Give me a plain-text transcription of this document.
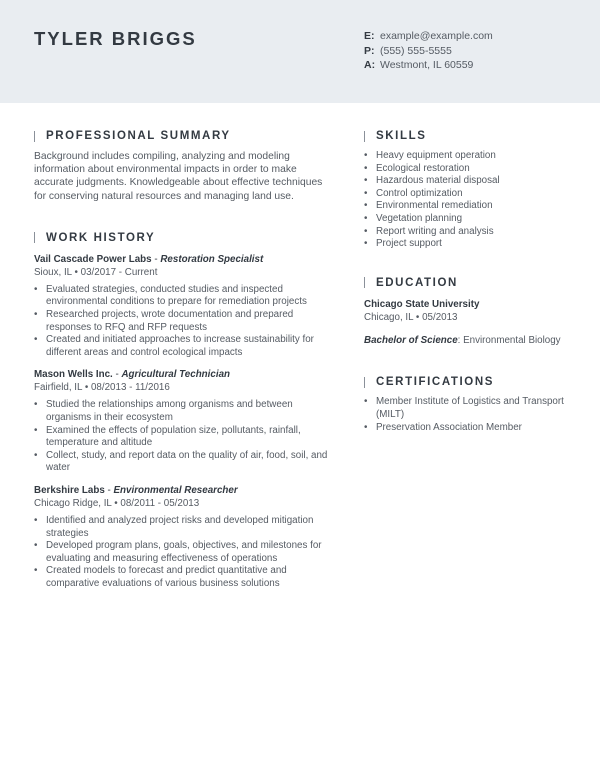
TYLER BRIGGS	E: example@example.com
P: (555) 555-5555
A: Westmont, IL 60559
PROFESSIONAL SUMMARY

Background includes compiling, analyzing and modeling information about environmental impacts in order to make accurate judgments. Knowledgeable about effective techniques for conserving natural resources and managing land use.

WORK HISTORY
Vail Cascade Power Labs - Restoration Specialist
Sioux, IL • 03/2017 - Current
• Evaluated strategies, conducted studies and inspected environmental conditions to prepare for remediation projects
• Researched projects, wrote documentation and prepared responses to RFQ and RFP requests
• Created and initiated approaches to increase sustainability for different areas and control ecological impacts
Mason Wells Inc. - Agricultural Technician
Fairfield, IL • 08/2013 - 11/2016
• Studied the relationships among organisms and between organisms in their ecosystem
• Examined the effects of population size, pollutants, rainfall, temperature and altitude
• Collect, study, and report data on the quality of air, food, soil, and water
Berkshire Labs - Environmental Researcher
Chicago Ridge, IL • 08/2011 - 05/2013
• Identified and analyzed project risks and developed mitigation strategies
• Developed program plans, goals, objectives, and milestones for evaluating and measuring effectiveness of operations
• Created models to forecast and predict quantitative and comparative evaluations of various business solutions
SKILLS
• Heavy equipment operation
• Ecological restoration
• Hazardous material disposal
• Control optimization
• Environmental remediation
• Vegetation planning
• Report writing and analysis
• Project support
EDUCATION
Chicago State University
Chicago, IL • 05/2013
Bachelor of Science: Environmental Biology
CERTIFICATIONS
• Member Institute of Logistics and Transport (MILT)
• Preservation Association Member
